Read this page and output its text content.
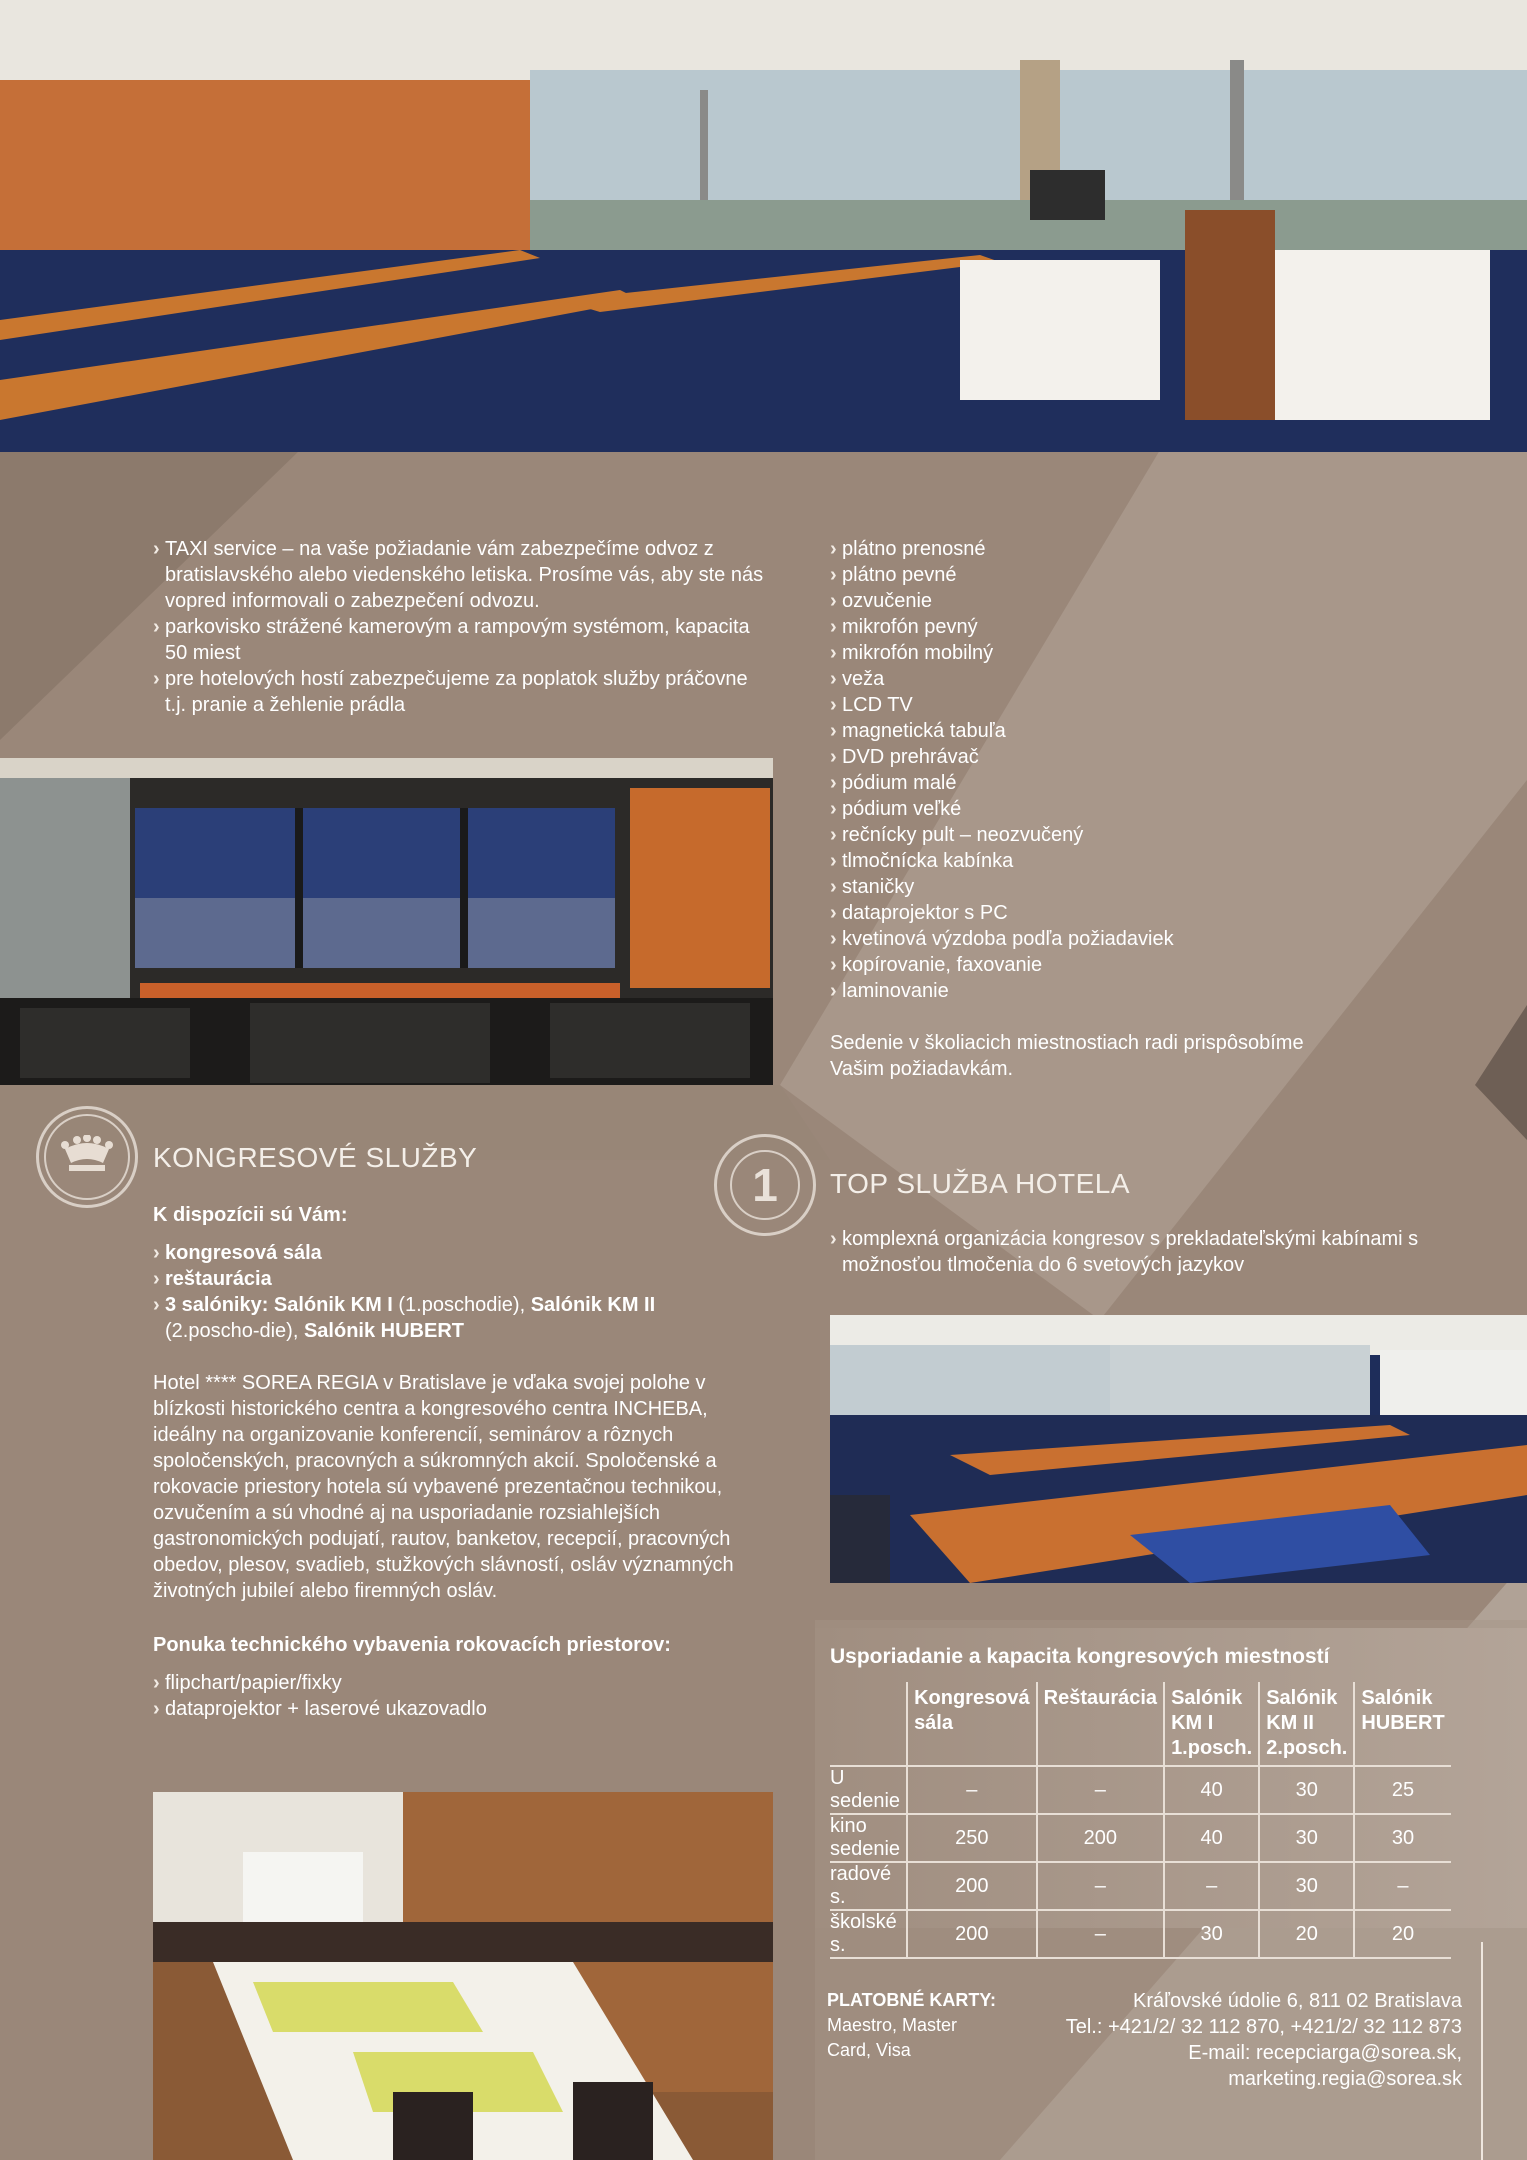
› TAXI service – na vaše požiadanie vám zabezpečíme odvoz z bratislavského alebo viedenského letiska. Prosíme vás, aby ste nás vopred informovali o zabezpečení odvozu.
› parkovisko strážené kamerovým a rampovým systémom, kapacita 50 miest
› pre hotelových hostí zabezpečujeme za poplatok služby práčovne t.j. pranie a žehlenie prádla
› plátno prenosné
› plátno pevné
› ozvučenie
› mikrofón pevný
› mikrofón mobilný
› veža
› LCD TV
› magnetická tabuľa
› DVD prehrávač
› pódium malé
› pódium veľké
› rečnícky pult – neozvučený
› tlmočnícka kabínka
› staničky
› dataprojektor s PC
› kvetinová výzdoba podľa požiadaviek
› kopírovanie, faxovanie
› laminovanie
Sedenie v školiacich miestnostiach radi prispôsobíme Vašim požiadavkám.
KONGRESOVÉ SLUŽBY
K dispozícii sú Vám:
› kongresová sála
› reštaurácia
› 3 salóniky: Salónik KM I (1.poschodie), Salónik KM II (2.poscho-die), Salónik HUBERT
Hotel **** SOREA REGIA v Bratislave je vďaka svojej polohe v blízkosti historického centra a kongresového centra INCHEBA, ideálny na organizovanie konferencií, seminárov a rôznych spoločenských, pracovných a súkromných akcií. Spoločenské a rokovacie priestory hotela sú vybavené prezentačnou technikou, ozvučením a sú vhodné aj na usporiadanie rozsiahlejších gastronomických podujatí, rautov, banketov, recepcií, pracovných obedov, plesov, svadieb, stužkových slávností, osláv významných životných jubileí alebo firemných osláv.
Ponuka technického vybavenia rokovacích priestorov:
› flipchart/papier/fixky
› dataprojektor + laserové ukazovadlo
1 TOP SLUŽBA HOTELA
› komplexná organizácia kongresov s prekladateľskými kabínami s možnosťou tlmočenia do 6 svetových jazykov
Usporiadanie a kapacita kongresových miestností
	Kongresová sála	Reštaurácia	Salónik KM I 1.posch.	Salónik KM II 2.posch.	Salónik HUBERT
U sedenie	–	–	40	30	25
kino sedenie	250	200	40	30	30
radové s.	200	–	–	30	–
školské s.	200	–	30	20	20
PLATOBNÉ KARTY:
Maestro, Master Card, Visa
Kráľovské údolie 6, 811 02 Bratislava
Tel.: +421/2/ 32 112 870, +421/2/ 32 112 873
E-mail: recepciarga@sorea.sk,
marketing.regia@sorea.sk
